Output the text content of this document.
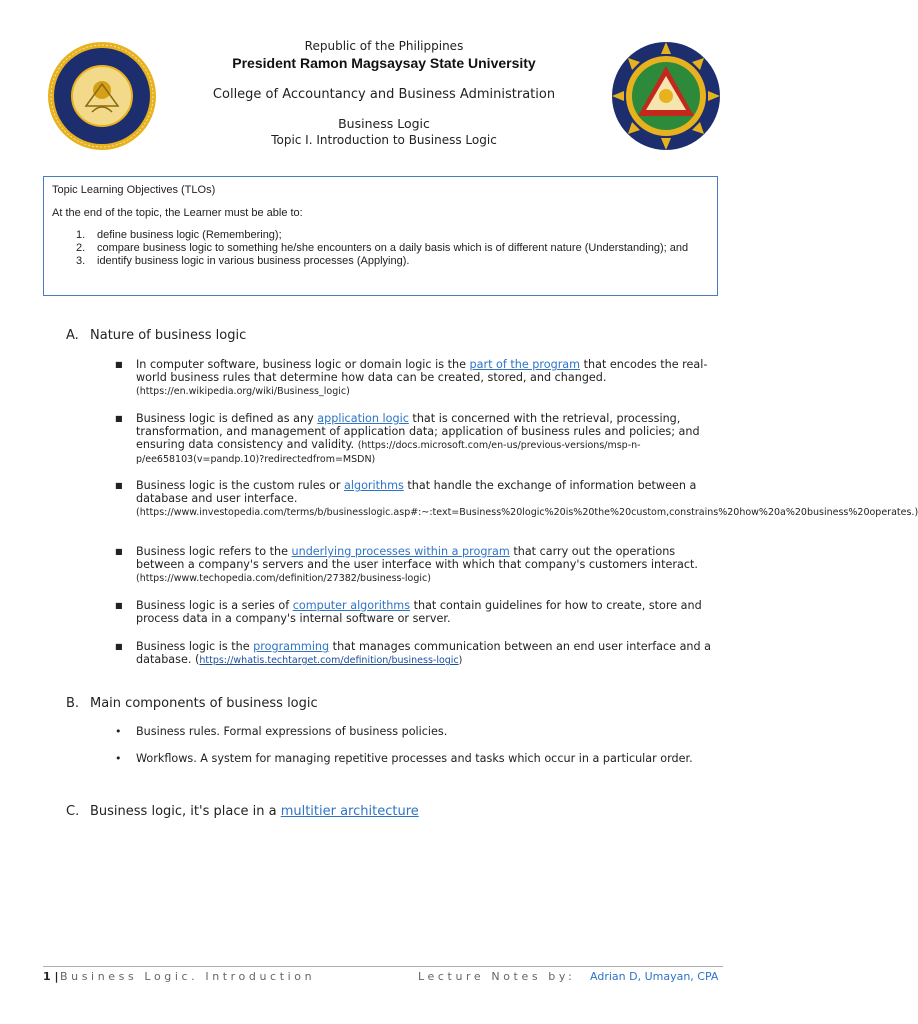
Republic of the Philippines
President Ramon Magsaysay State University
College of Accountancy and Business Administration
Business Logic
Topic I. Introduction to Business Logic
Topic Learning Objectives (TLOs)
At the end of the topic, the Learner must be able to:
1. define business logic (Remembering);
2. compare business logic to something he/she encounters on a daily basis which is of different nature (Understanding); and
3. identify business logic in various business processes (Applying).
A. Nature of business logic
■ In computer software, business logic or domain logic is the part of the program that encodes the real-world business rules that determine how data can be created, stored, and changed. (https://en.wikipedia.org/wiki/Business_logic)
■ Business logic is defined as any application logic that is concerned with the retrieval, processing, transformation, and management of application data; application of business rules and policies; and ensuring data consistency and validity. (https://docs.microsoft.com/en-us/previous-versions/msp-n-p/ee658103(v=pandp.10)?redirectedfrom=MSDN)
■ Business logic is the custom rules or algorithms that handle the exchange of information between a database and user interface. (https://www.investopedia.com/terms/b/businesslogic.asp#:~:text=Business%20logic%20is%20the%20custom,constrains%20how%20a%20business%20operates.)
■ Business logic refers to the underlying processes within a program that carry out the operations between a company's servers and the user interface with which that company's customers interact. (https://www.techopedia.com/definition/27382/business-logic)
■ Business logic is a series of computer algorithms that contain guidelines for how to create, store and process data in a company's internal software or server.
■ Business logic is the programming that manages communication between an end user interface and a database. (https://whatis.techtarget.com/definition/business-logic)
B. Main components of business logic
• Business rules. Formal expressions of business policies.
• Workflows. A system for managing repetitive processes and tasks which occur in a particular order.
C. Business logic, it's place in a multitier architecture
1 | Business Logic. Introduction	Lecture Notes by: Adrian D, Umayan, CPA
